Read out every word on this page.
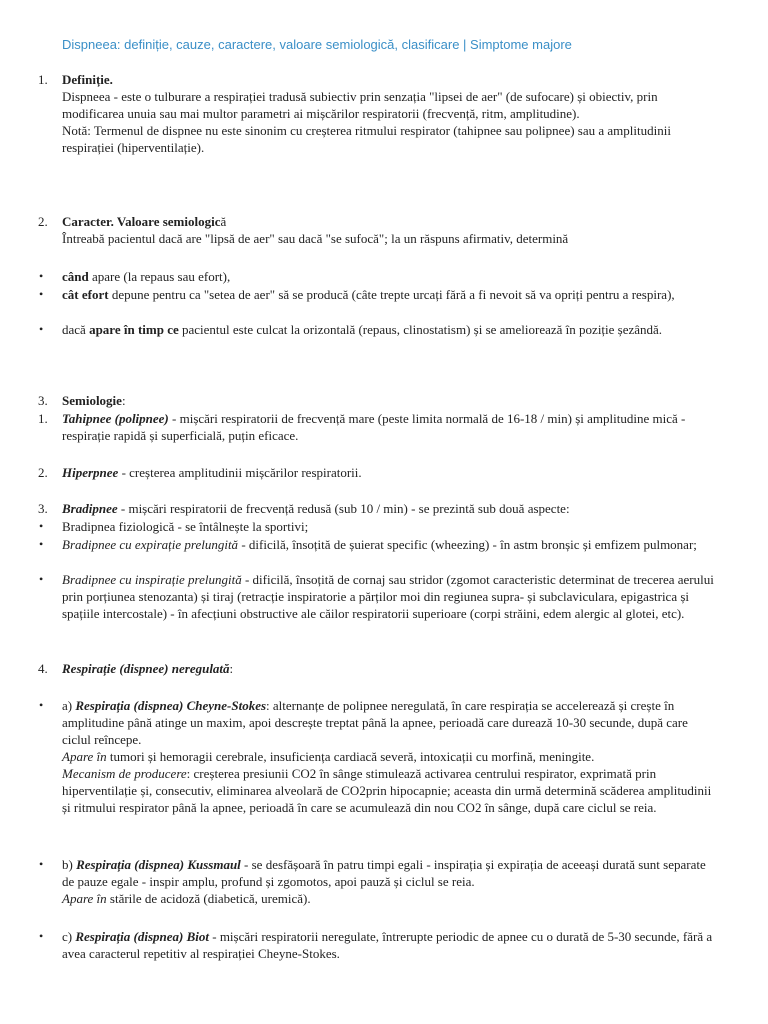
Dispneea: definiție, cauze, caractere, valoare semiologică, clasificare | Simptome majore
1. Definiție.
Dispneea - este o tulburare a respirației tradusă subiectiv prin senzația "lipsei de aer" (de sufocare) și obiectiv, prin modificarea unuia sau mai multor parametri ai mișcărilor respiratorii (frecvență, ritm, amplitudine).
Notă: Termenul de dispnee nu este sinonim cu creșterea ritmului respirator (tahipnee sau polipnee) sau a amplitudinii respirației (hiperventilație).
2. Caracter. Valoare semiologică
Întreabă pacientul dacă are "lipsă de aer" sau dacă "se sufocă"; la un răspuns afirmativ, determină
• când apare (la repaus sau efort),
• cât efort depune pentru ca "setea de aer" să se producă (câte trepte urcați fără a fi nevoit să va opriți pentru a respira),
• dacă apare în timp ce pacientul este culcat la orizontală (repaus, clinostatism) și se ameliorează în poziție șezândă.
3. Semiologie:
1. Tahipnee (polipnee) - mișcări respiratorii de frecvență mare (peste limita normală de 16-18 / min) și amplitudine mică - respirație rapidă și superficială, puțin eficace.
2. Hiperpnee - creșterea amplitudinii mișcărilor respiratorii.
3. Bradipnee - mișcări respiratorii de frecvență redusă (sub 10 / min) - se prezintă sub două aspecte:
• Bradipnea fiziologică - se întâlnește la sportivi;
• Bradipnee cu expirație prelungită - dificilă, însoțită de șuierat specific (wheezing) - în astm bronșic și emfizem pulmonar;
• Bradipnee cu inspirație prelungită - dificilă, însoțită de cornaj sau stridor (zgomot caracteristic determinat de trecerea aerului prin porțiunea stenozanta) și tiraj (retracție inspiratorie a părților moi din regiunea supra- și subclaviculara, epigastrica și spațiile intercostale) - în afecțiuni obstructive ale căilor respiratorii superioare (corpi străini, edem alergic al glotei, etc).
4. Respirație (dispnee) neregulată:
• a) Respirația (dispnea) Cheyne-Stokes: alternanțe de polipnee neregulată, în care respirația se accelerează și crește în amplitudine până atinge un maxim, apoi descrește treptat până la apnee, perioadă care durează 10-30 secunde, după care ciclul reîncepe.
Apare în tumori și hemoragii cerebrale, insuficiența cardiacă severă, intoxicații cu morfină, meningite.
Mecanism de producere: creșterea presiunii CO2 în sânge stimulează activarea centrului respirator, exprimată prin hiperventilație și, consecutiv, eliminarea alveolară de CO2prin hipocapnie; aceasta din urmă determină scăderea amplitudinii și ritmului respirator până la apnee, perioadă în care se acumulează din nou CO2 în sânge, după care ciclul se reia.
• b) Respirația (dispnea) Kussmaul - se desfășoară în patru timpi egali - inspirația și expirația de aceeași durată sunt separate de pauze egale - inspir amplu, profund și zgomotos, apoi pauză și ciclul se reia.
Apare în stările de acidoză (diabetică, uremică).
• c) Respirația (dispnea) Biot - mișcări respiratorii neregulate, întrerupte periodic de apnee cu o durată de 5-30 secunde, fără a avea caracterul repetitiv al respirației Cheyne-Stokes.
